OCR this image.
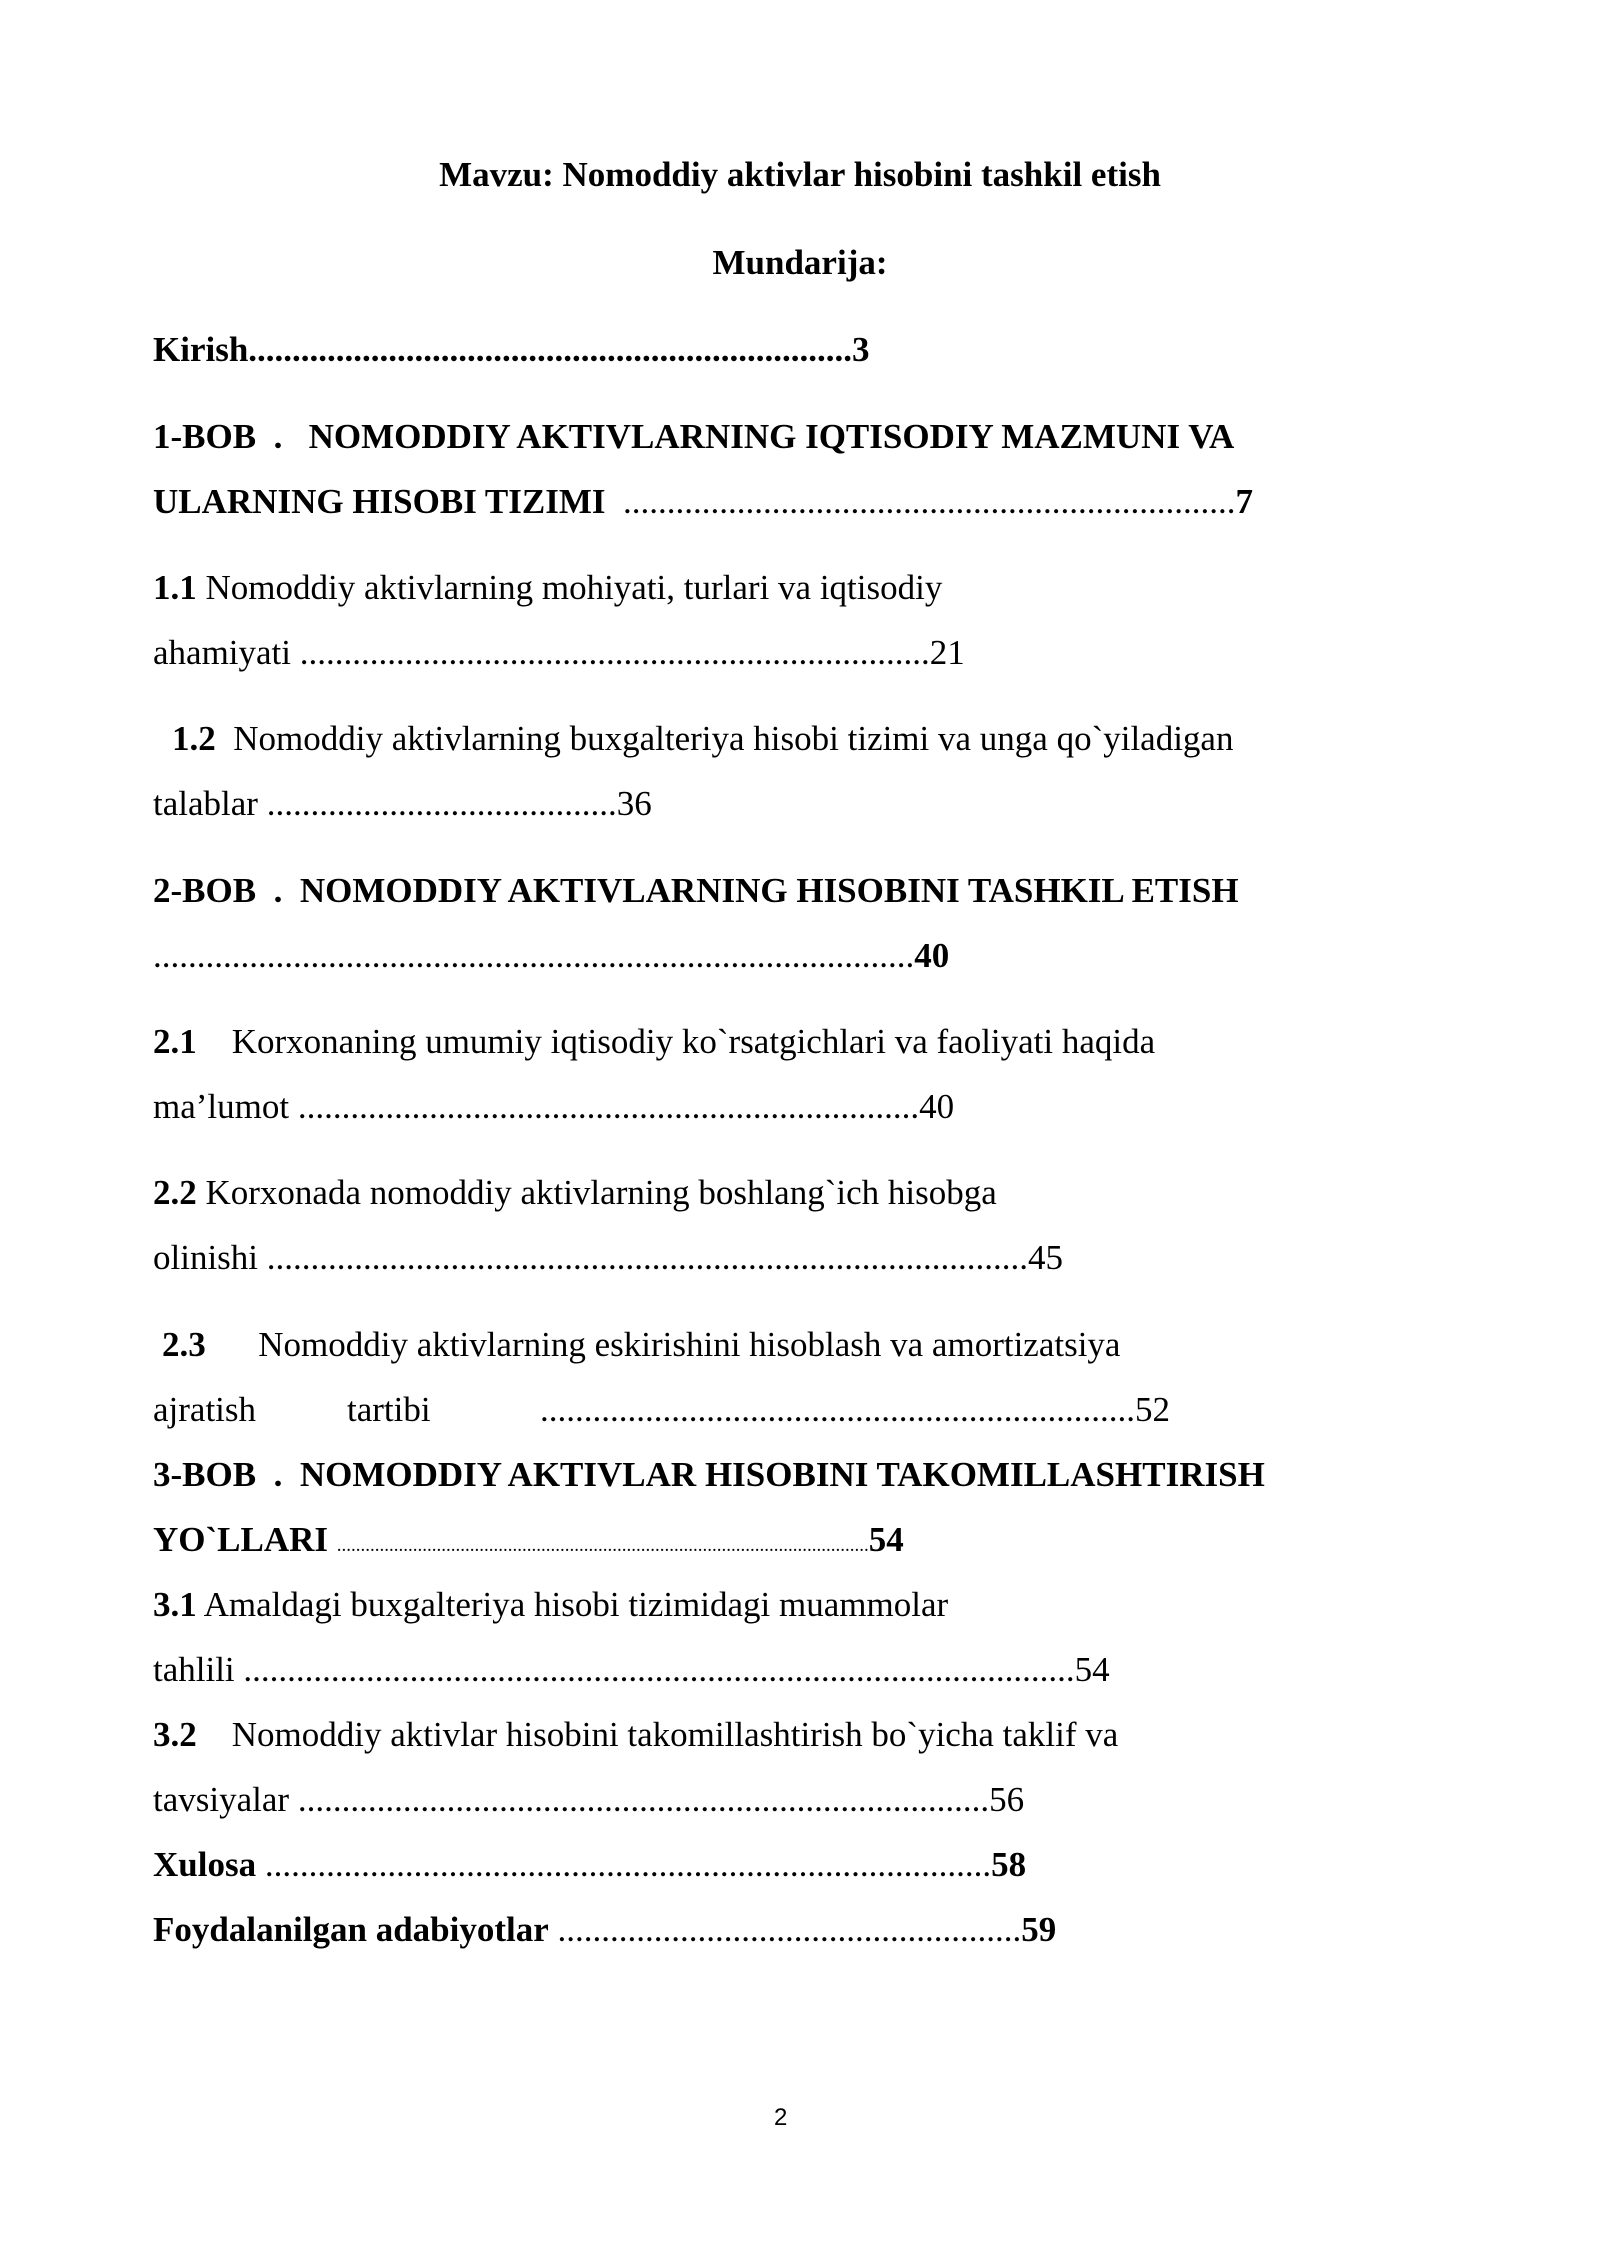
Mavzu: Nomoddiy aktivlar hisobini tashkil etish
Mundarija:
Kirish.....................................................................3
1-BOB  . NOMODDIY AKTIVLARNING IQTISODIY MAZMUNI VA
ULARNING HISOBI TIZIMI ......................................................................7
1.1 Nomoddiy aktivlarning mohiyati, turlari va iqtisodiy
ahamiyati ........................................................................21
1.2 Nomoddiy aktivlarning buxgalteriya hisobi tizimi va unga qo`yiladigan
talablar ........................................36
2-BOB  . NOMODDIY AKTIVLARNING HISOBINI TASHKIL ETISH
.......................................................................................40
2.1 Korxonaning umumiy iqtisodiy ko`rsatgichlari va faoliyati haqida
ma’lumot .......................................................................40
2.2 Korxonada nomoddiy aktivlarning boshlang`ich hisobga
olinishi .......................................................................................45
2.3 Nomoddiy aktivlarning eskirishini hisoblash va amortizatsiya
ajratish	tartibi	....................................................................52
3-BOB  . NOMODDIY AKTIVLAR HISOBINI TAKOMILLASHTIRISH
YO`LLARI ................................................................................................................54
3.1 Amaldagi buxgalteriya hisobi tizimidagi muammolar
tahlili ...............................................................................................54
3.2 Nomoddiy aktivlar hisobini takomillashtirish bo`yicha taklif va
tavsiyalar ...............................................................................56
Xulosa ...................................................................................58
Foydalanilgan adabiyotlar .....................................................59
2
